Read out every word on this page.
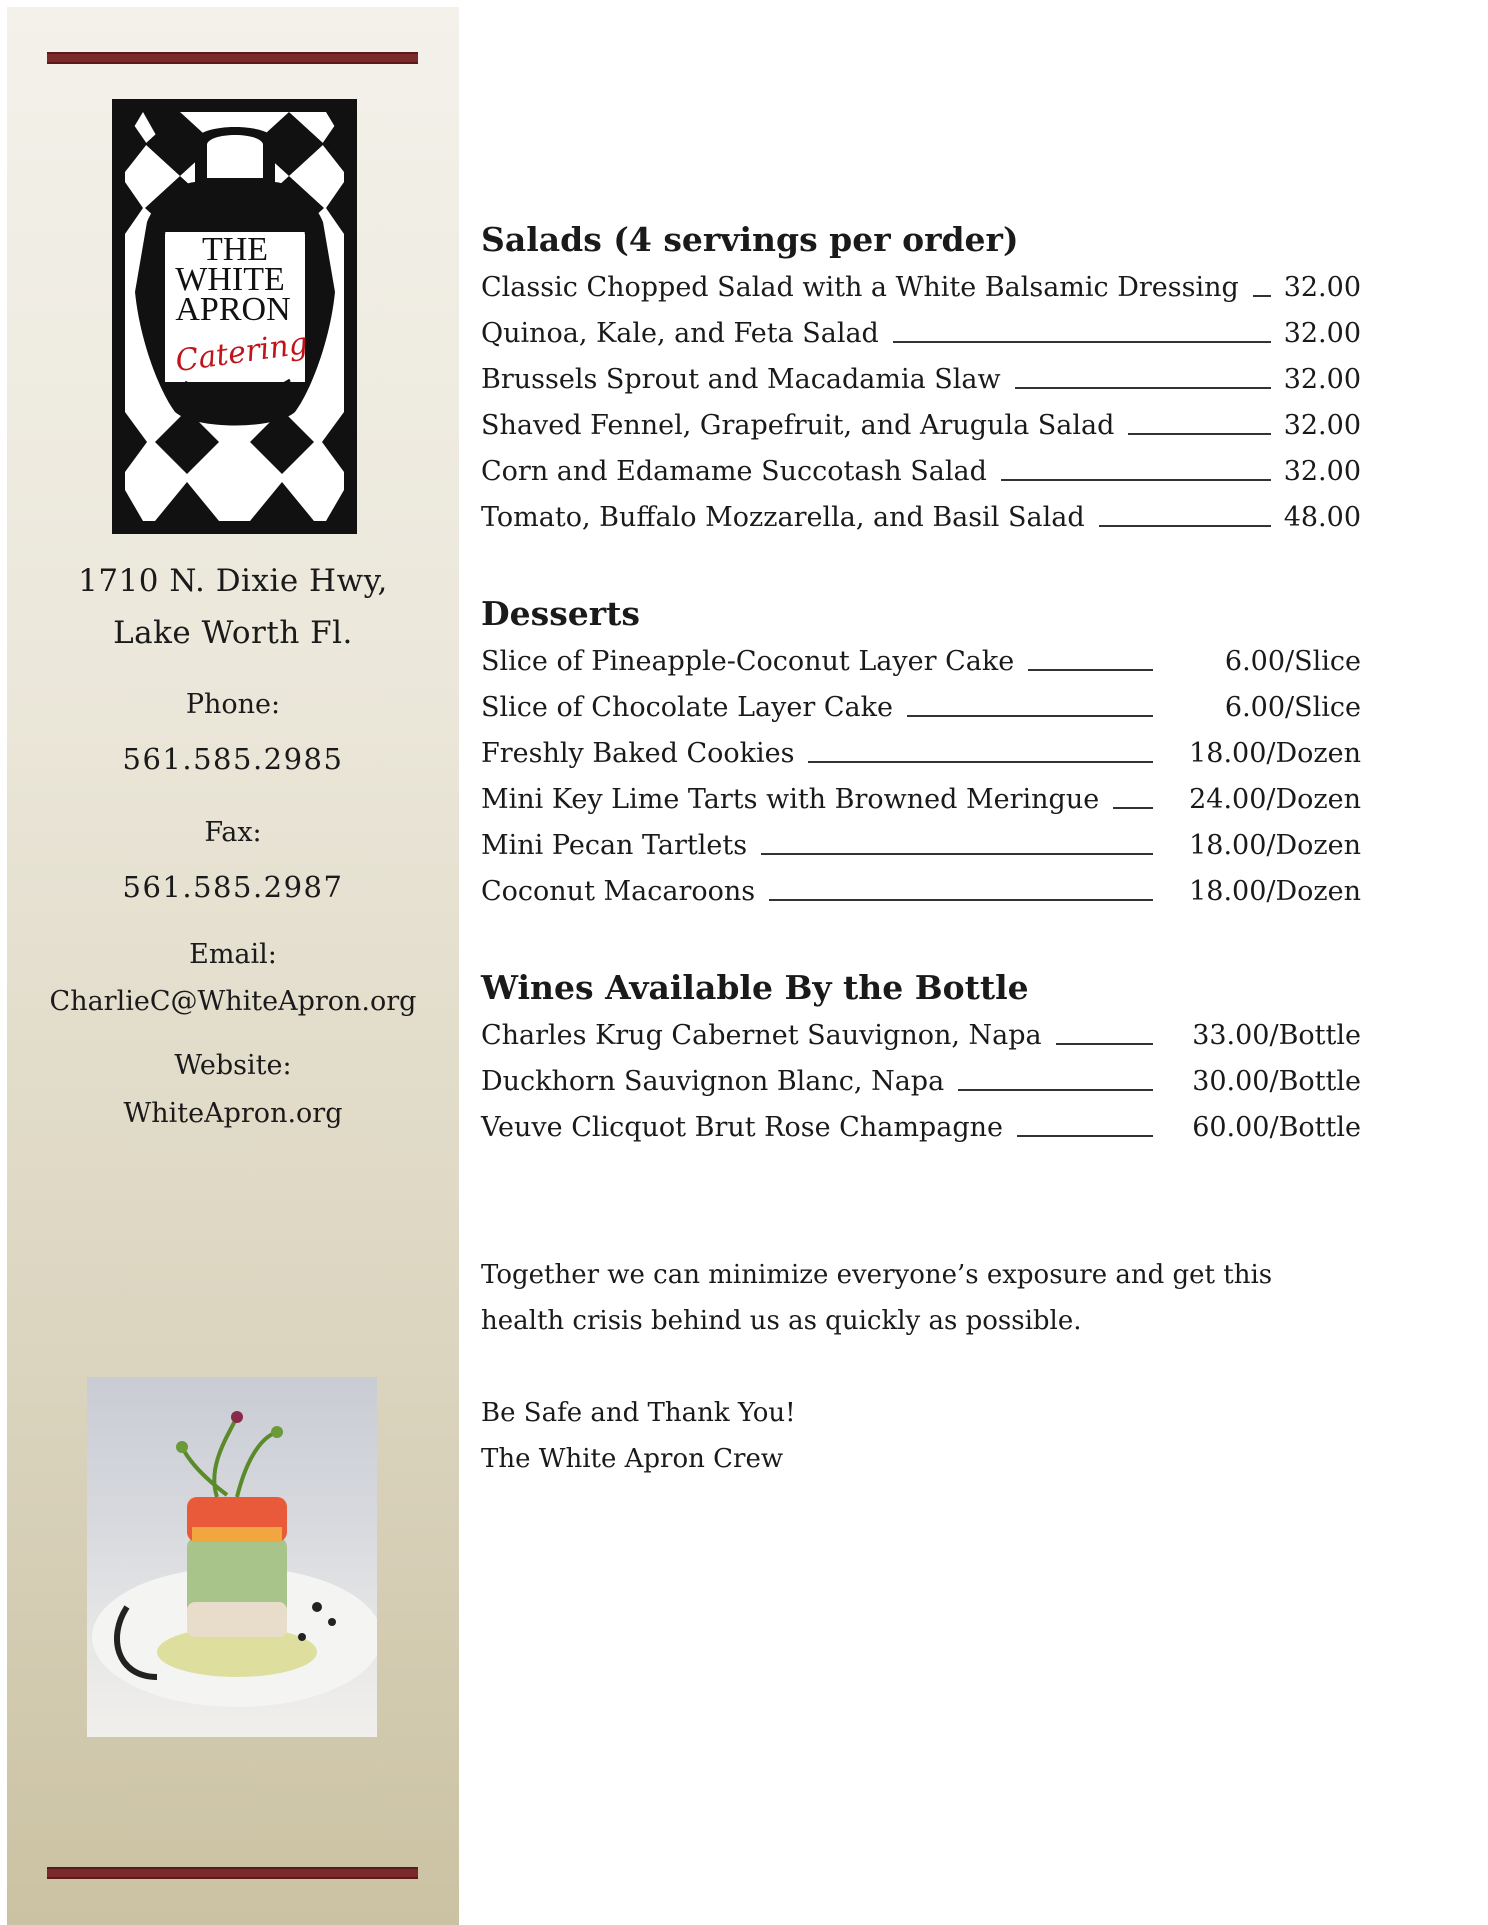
THE
WHITE
APRON
Catering
1710 N. Dixie Hwy,
Lake Worth Fl.
Phone:
561.585.2985
Fax:
561.585.2987
Email:
CharlieC@WhiteApron.org
Website:
WhiteApron.org
Salads (4 servings per order)
Classic Chopped Salad with a White Balsamic Dressing 32.00
Quinoa, Kale, and Feta Salad	32.00
Brussels Sprout and Macadamia Slaw	32.00
Shaved Fennel, Grapefruit, and Arugula Salad	32.00
Corn and Edamame Succotash Salad	32.00
Tomato, Buffalo Mozzarella, and Basil Salad	48.00
Desserts
Slice of Pineapple-Coconut Layer Cake	6.00/Slice
Slice of Chocolate Layer Cake	6.00/Slice
Freshly Baked Cookies	18.00/Dozen
Mini Key Lime Tarts with Browned Meringue	24.00/Dozen
Mini Pecan Tartlets	18.00/Dozen
Coconut Macaroons	18.00/Dozen
Wines Available By the Bottle
Charles Krug Cabernet Sauvignon, Napa	33.00/Bottle
Duckhorn Sauvignon Blanc, Napa	30.00/Bottle
Veuve Clicquot Brut Rose Champagne	60.00/Bottle

Together we can minimize everyone’s exposure and get this

health crisis behind us as quickly as possible.

Be Safe and Thank You!

The White Apron Crew
